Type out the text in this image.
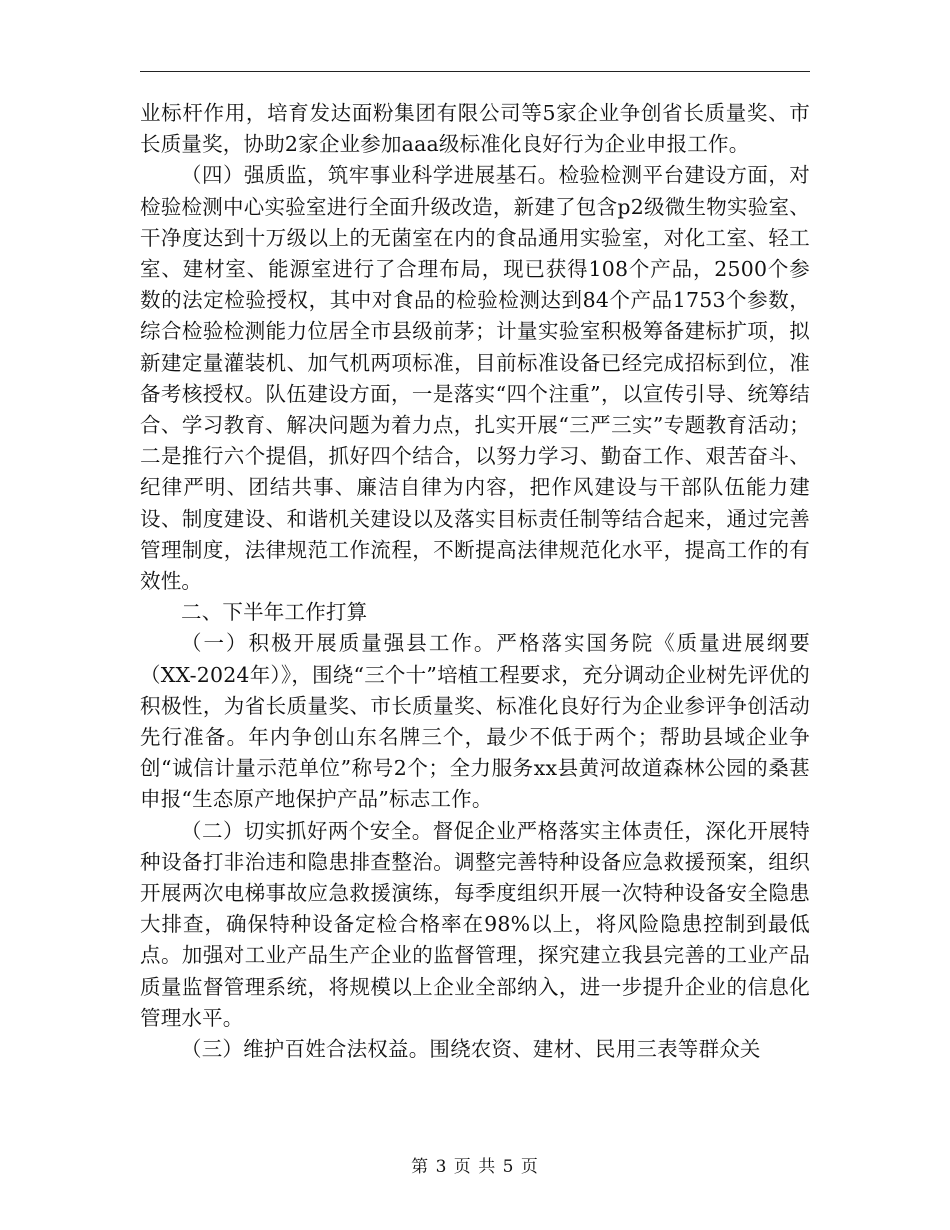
业标杆作用，培育发达面粉集团有限公司等5家企业争创省长质量奖、市长质量奖，协助2家企业参加aaa级标准化良好行为企业申报工作。

（四）强质监，筑牢事业科学进展基石。检验检测平台建设方面，对检验检测中心实验室进行全面升级改造，新建了包含p2级微生物实验室、干净度达到十万级以上的无菌室在内的食品通用实验室，对化工室、轻工室、建材室、能源室进行了合理布局，现已获得108个产品，2500个参数的法定检验授权，其中对食品的检验检测达到84个产品1753个参数，综合检验检测能力位居全市县级前茅；计量实验室积极筹备建标扩项，拟新建定量灌装机、加气机两项标准，目前标准设备已经完成招标到位，准备考核授权。队伍建设方面，一是落实“四个注重”，以宣传引导、统筹结合、学习教育、解决问题为着力点，扎实开展“三严三实”专题教育活动；二是推行六个提倡，抓好四个结合，以努力学习、勤奋工作、艰苦奋斗、纪律严明、团结共事、廉洁自律为内容，把作风建设与干部队伍能力建设、制度建设、和谐机关建设以及落实目标责任制等结合起来，通过完善管理制度，法律规范工作流程，不断提高法律规范化水平，提高工作的有效性。

二、下半年工作打算

（一）积极开展质量强县工作。严格落实国务院《质量进展纲要（XX-2024年）》，围绕“三个十”培植工程要求，充分调动企业树先评优的积极性，为省长质量奖、市长质量奖、标准化良好行为企业参评争创活动先行准备。年内争创山东名牌三个，最少不低于两个；帮助县域企业争创“诚信计量示范单位”称号2个；全力服务xx县黄河故道森林公园的桑葚申报“生态原产地保护产品”标志工作。

（二）切实抓好两个安全。督促企业严格落实主体责任，深化开展特种设备打非治违和隐患排查整治。调整完善特种设备应急救援预案，组织开展两次电梯事故应急救援演练，每季度组织开展一次特种设备安全隐患大排查，确保特种设备定检合格率在98%以上，将风险隐患控制到最低点。加强对工业产品生产企业的监督管理，探究建立我县完善的工业产品质量监督管理系统，将规模以上企业全部纳入，进一步提升企业的信息化管理水平。

（三）维护百姓合法权益。围绕农资、建材、民用三表等群众关

第 3 页 共 5 页
